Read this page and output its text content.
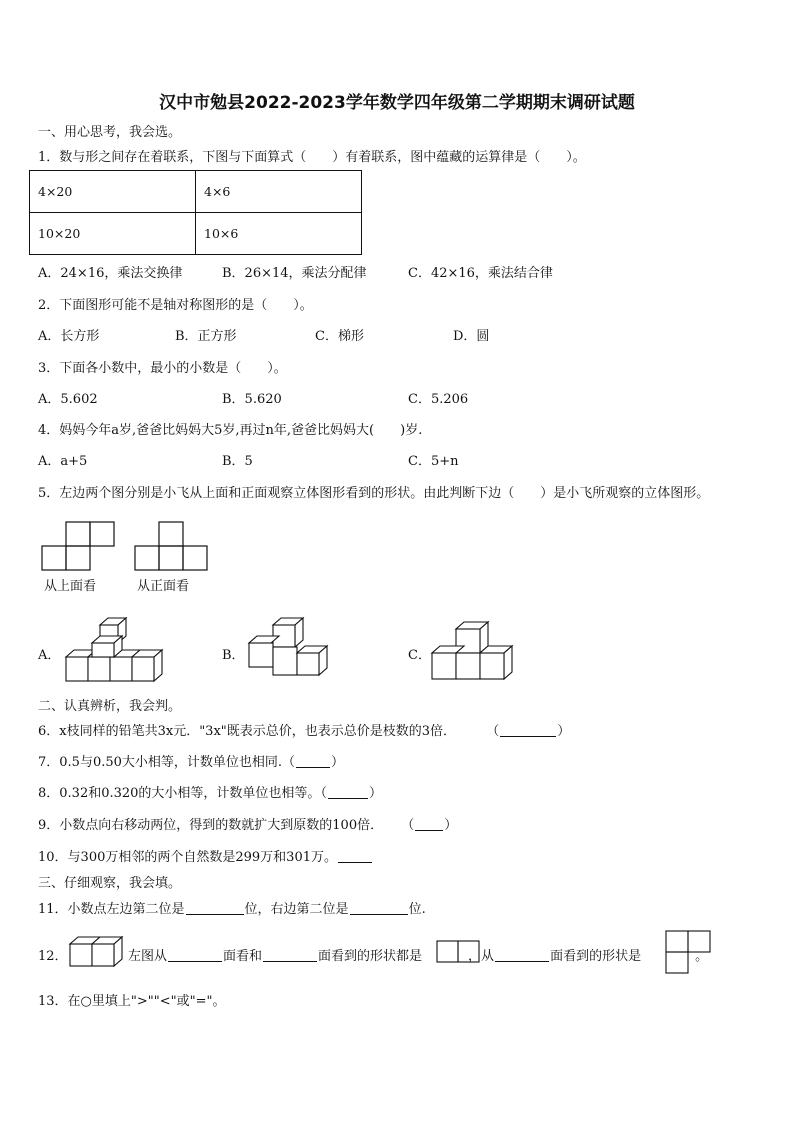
汉中市勉县2022-2023学年数学四年级第二学期期末调研试题
一、用心思考，我会选。
1．数与形之间存在着联系，下图与下面算式（　　）有着联系，图中蕴藏的运算律是（　　）。
4×20	4×6
10×20	10×6
A．24×16，乘法交换律	B．26×14，乘法分配律	C．42×16，乘法结合律
2．下面图形可能不是轴对称图形的是（　　）。
A．长方形	B．正方形	C．梯形	D．圆
3．下面各小数中，最小的小数是（　　）。
A．5.602	B．5.620	C．5.206
4．妈妈今年a岁,爸爸比妈妈大5岁,再过n年,爸爸比妈妈大(　　)岁.
A．a+5	B．5	C．5+n
5．左边两个图分别是小飞从上面和正面观察立体图形看到的形状。由此判断下边（　　）是小飞所观察的立体图形。
从上面看	从正面看
A．	B．	C．
二、认真辨析，我会判。
6．x枝同样的铅笔共3x元．"3x"既表示总价，也表示总价是枝数的3倍． （	）
7．0.5与0.50大小相等，计数单位也相同.（	）
8．0.32和0.320的大小相等，计数单位也相等。（	）
9．小数点向右移动两位，得到的数就扩大到原数的100倍． （ ）
10．与300万相邻的两个自然数是299万和301万。
三、仔细观察，我会填。
11．小数点左边第二位是	位，右边第二位是	位.
12．	左图从	面看和	面看到的形状都是	，从	面看到的形状是	。
13．在○里填上">""<"或"="。
